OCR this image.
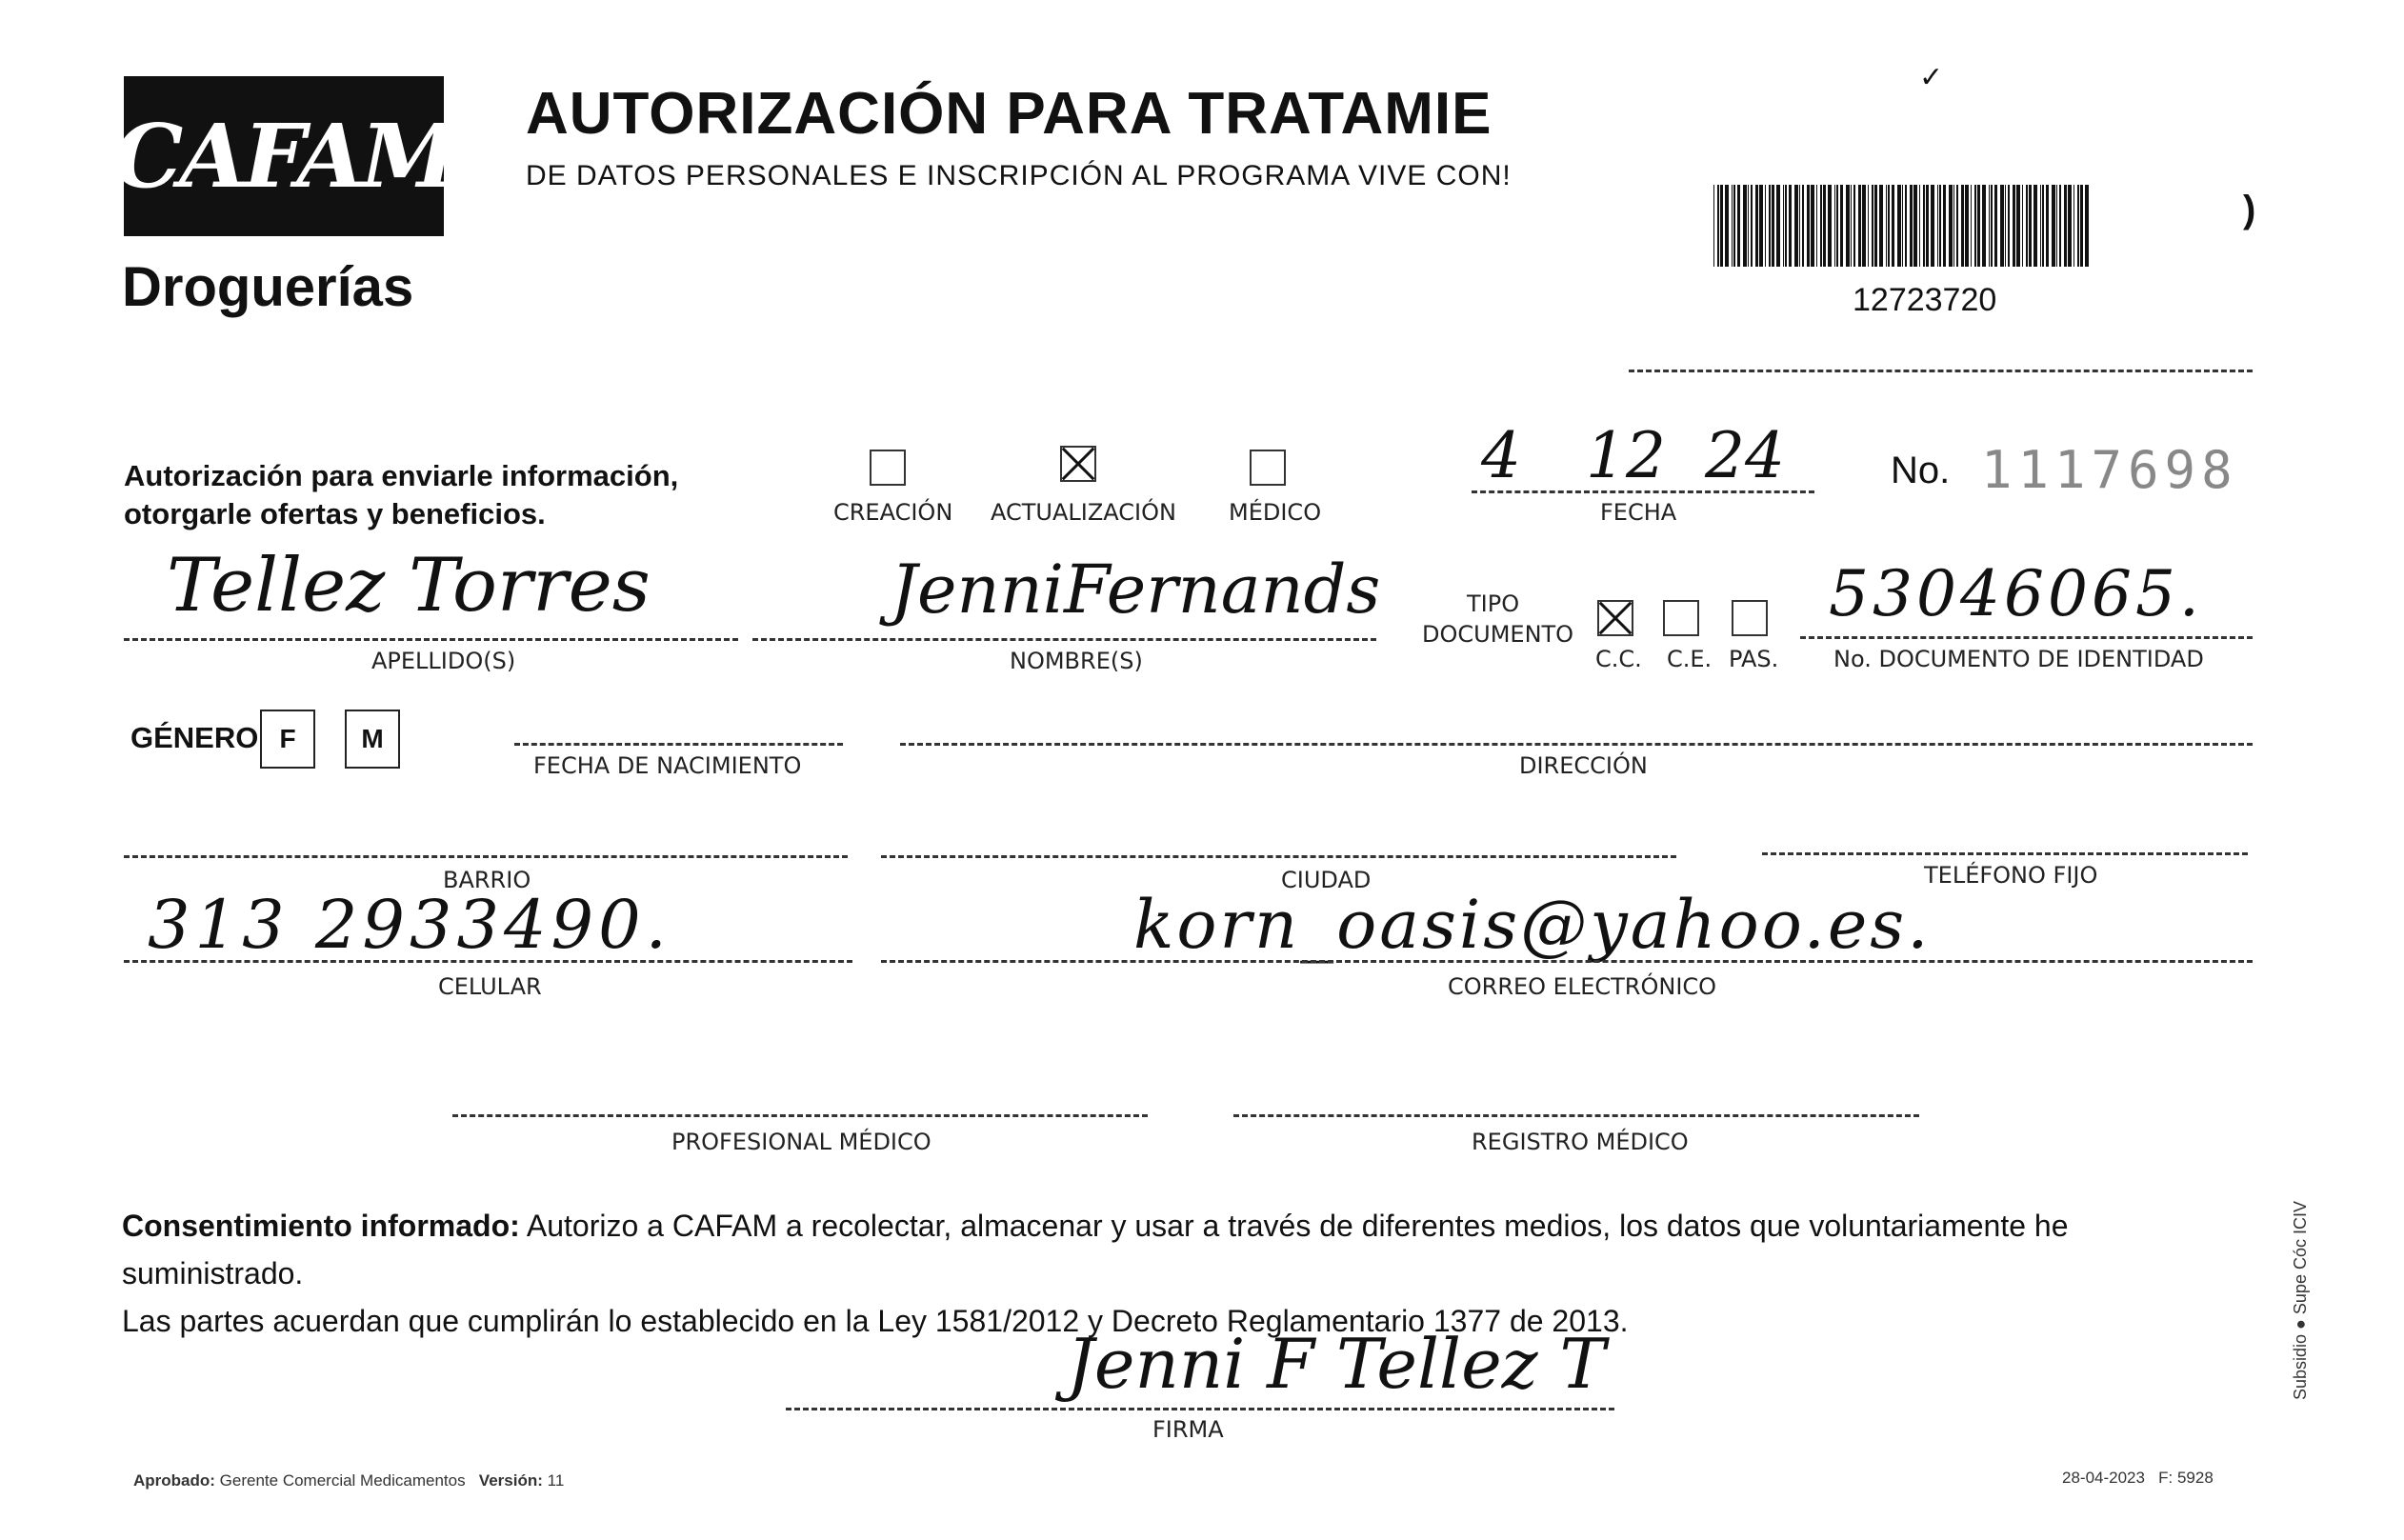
CAFAM
Droguerías
AUTORIZACIÓN PARA TRATAMIE
DE DATOS PERSONALES E INSCRIPCIÓN AL PROGRAMA VIVE CON!
✓
12723720
)
Autorización para enviarle información,
otorgarle ofertas y beneficios.	CREACIÓN ACTUALIZACIÓN MÉDICO
4 12 24
FECHA
No. 1117698
Tellez Torres
APELLIDO(S)
JenniFernands
NOMBRE(S)
TIPO
DOCUMENTO
C.C. C.E. PAS.
53046065.
No. DOCUMENTO DE IDENTIDAD
GÉNERO F	M
FECHA DE NACIMIENTO	DIRECCIÓN
BARRIO	CIUDAD	TELÉFONO FIJO
313 2933490.
CELULAR
korn_oasis@yahoo.es.
CORREO ELECTRÓNICO
PROFESIONAL MÉDICO	REGISTRO MÉDICO
Consentimiento informado: Autorizo a CAFAM a recolectar, almacenar y usar a través de diferentes medios, los datos que voluntariamente he suministrado.
Las partes acuerdan que cumplirán lo establecido en la Ley 1581/2012 y Decreto Reglamentario 1377 de 2013.
Jenni F Tellez T
FIRMA
Aprobado: Gerente Comercial Medicamentos Versión: 11	28-04-2023 F: 5928
Subsidio ● Supe Cóc ICIV
